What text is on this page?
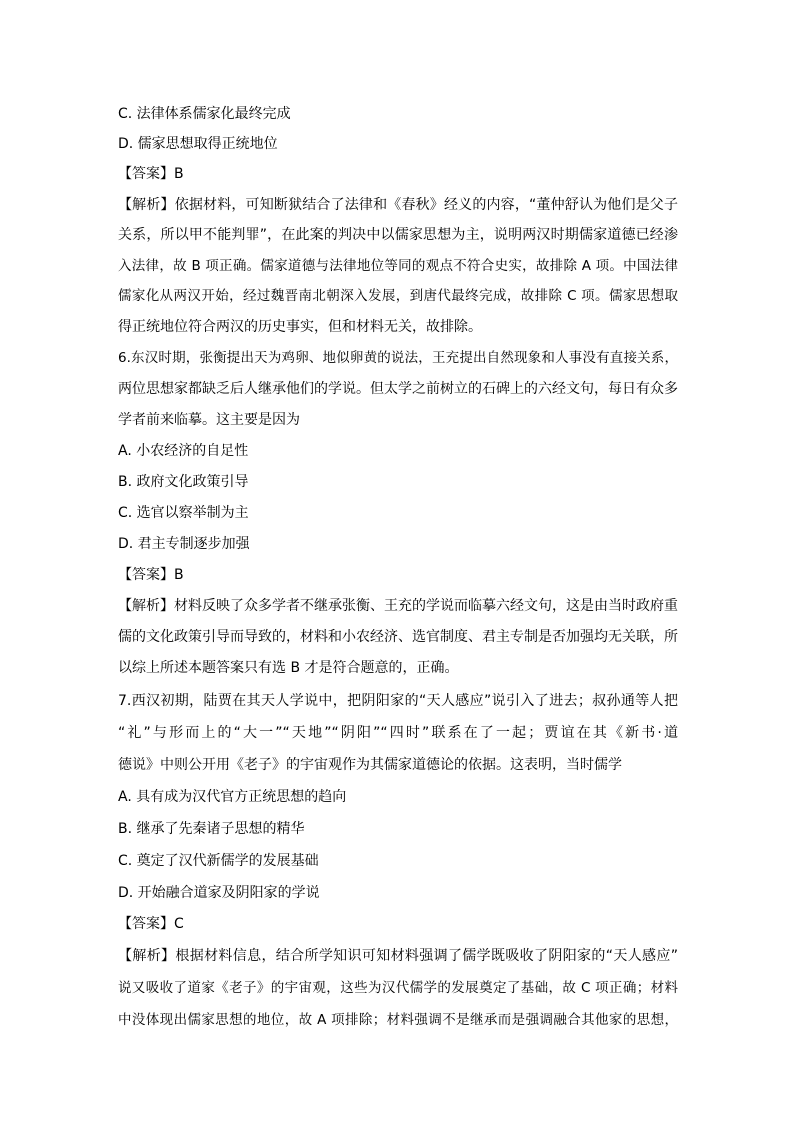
C. 法律体系儒家化最终完成
D. 儒家思想取得正统地位
【答案】B
【解析】依据材料，可知断狱结合了法律和《春秋》经义的内容，“董仲舒认为他们是父子
关系，所以甲不能判罪”，在此案的判决中以儒家思想为主，说明两汉时期儒家道德已经渗
入法律，故 B 项正确。儒家道德与法律地位等同的观点不符合史实，故排除 A 项。中国法律
儒家化从两汉开始，经过魏晋南北朝深入发展，到唐代最终完成，故排除 C 项。儒家思想取
得正统地位符合两汉的历史事实，但和材料无关，故排除。
6.东汉时期，张衡提出天为鸡卵、地似卵黄的说法，王充提出自然现象和人事没有直接关系，
两位思想家都缺乏后人继承他们的学说。但太学之前树立的石碑上的六经文句，每日有众多
学者前来临摹。这主要是因为
A. 小农经济的自足性
B. 政府文化政策引导
C. 选官以察举制为主
D. 君主专制逐步加强
【答案】B
【解析】材料反映了众多学者不继承张衡、王充的学说而临摹六经文句，这是由当时政府重
儒的文化政策引导而导致的，材料和小农经济、选官制度、君主专制是否加强均无关联，所
以综上所述本题答案只有选 B 才是符合题意的，正确。
7.西汉初期，陆贾在其天人学说中，把阴阳家的“天人感应”说引入了进去；叔孙通等人把
“礼”与形而上的“大一”“天地”“阴阳”“四时”联系在了一起；贾谊在其《新书·道
德说》中则公开用《老子》的宇宙观作为其儒家道德论的依据。这表明，当时儒学
A. 具有成为汉代官方正统思想的趋向
B. 继承了先秦诸子思想的精华
C. 奠定了汉代新儒学的发展基础
D. 开始融合道家及阴阳家的学说
【答案】C
【解析】根据材料信息，结合所学知识可知材料强调了儒学既吸收了阴阳家的“天人感应”
说又吸收了道家《老子》的宇宙观，这些为汉代儒学的发展奠定了基础，故 C 项正确；材料
中没体现出儒家思想的地位，故 A 项排除；材料强调不是继承而是强调融合其他家的思想，
